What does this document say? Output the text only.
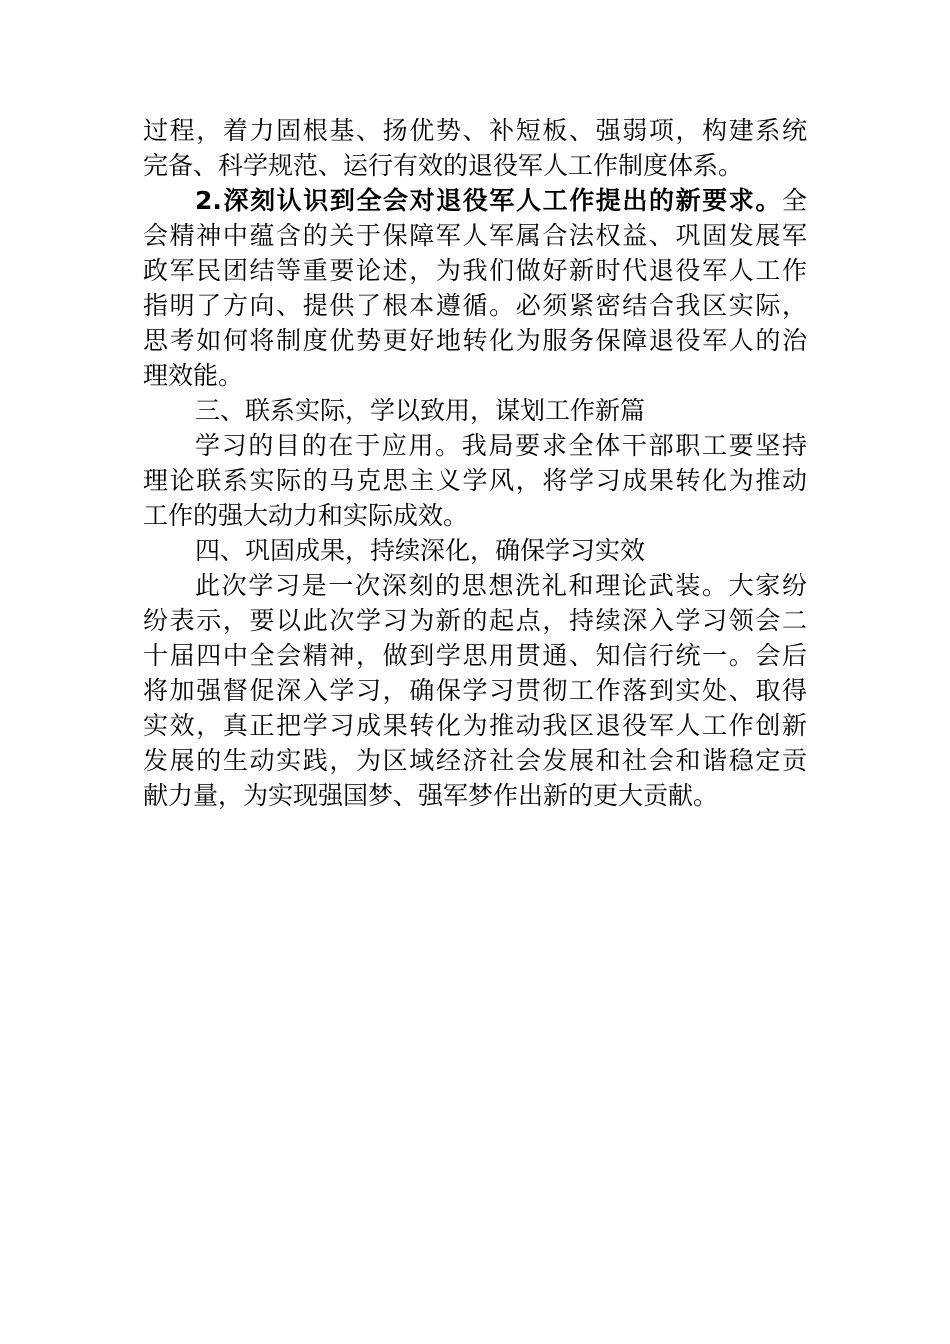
过程，着力固根基、扬优势、补短板、强弱项，构建系统
完备、科学规范、运行有效的退役军人工作制度体系。
2.深刻认识到全会对退役军人工作提出的新要求。全
会精神中蕴含的关于保障军人军属合法权益、巩固发展军
政军民团结等重要论述，为我们做好新时代退役军人工作
指明了方向、提供了根本遵循。必须紧密结合我区实际，
思考如何将制度优势更好地转化为服务保障退役军人的治
理效能。
三、联系实际，学以致用，谋划工作新篇
学习的目的在于应用。我局要求全体干部职工要坚持
理论联系实际的马克思主义学风，将学习成果转化为推动
工作的强大动力和实际成效。
四、巩固成果，持续深化，确保学习实效
此次学习是一次深刻的思想洗礼和理论武装。大家纷
纷表示，要以此次学习为新的起点，持续深入学习领会二
十届四中全会精神，做到学思用贯通、知信行统一。会后
将加强督促深入学习，确保学习贯彻工作落到实处、取得
实效，真正把学习成果转化为推动我区退役军人工作创新
发展的生动实践，为区域经济社会发展和社会和谐稳定贡
献力量，为实现强国梦、强军梦作出新的更大贡献。
